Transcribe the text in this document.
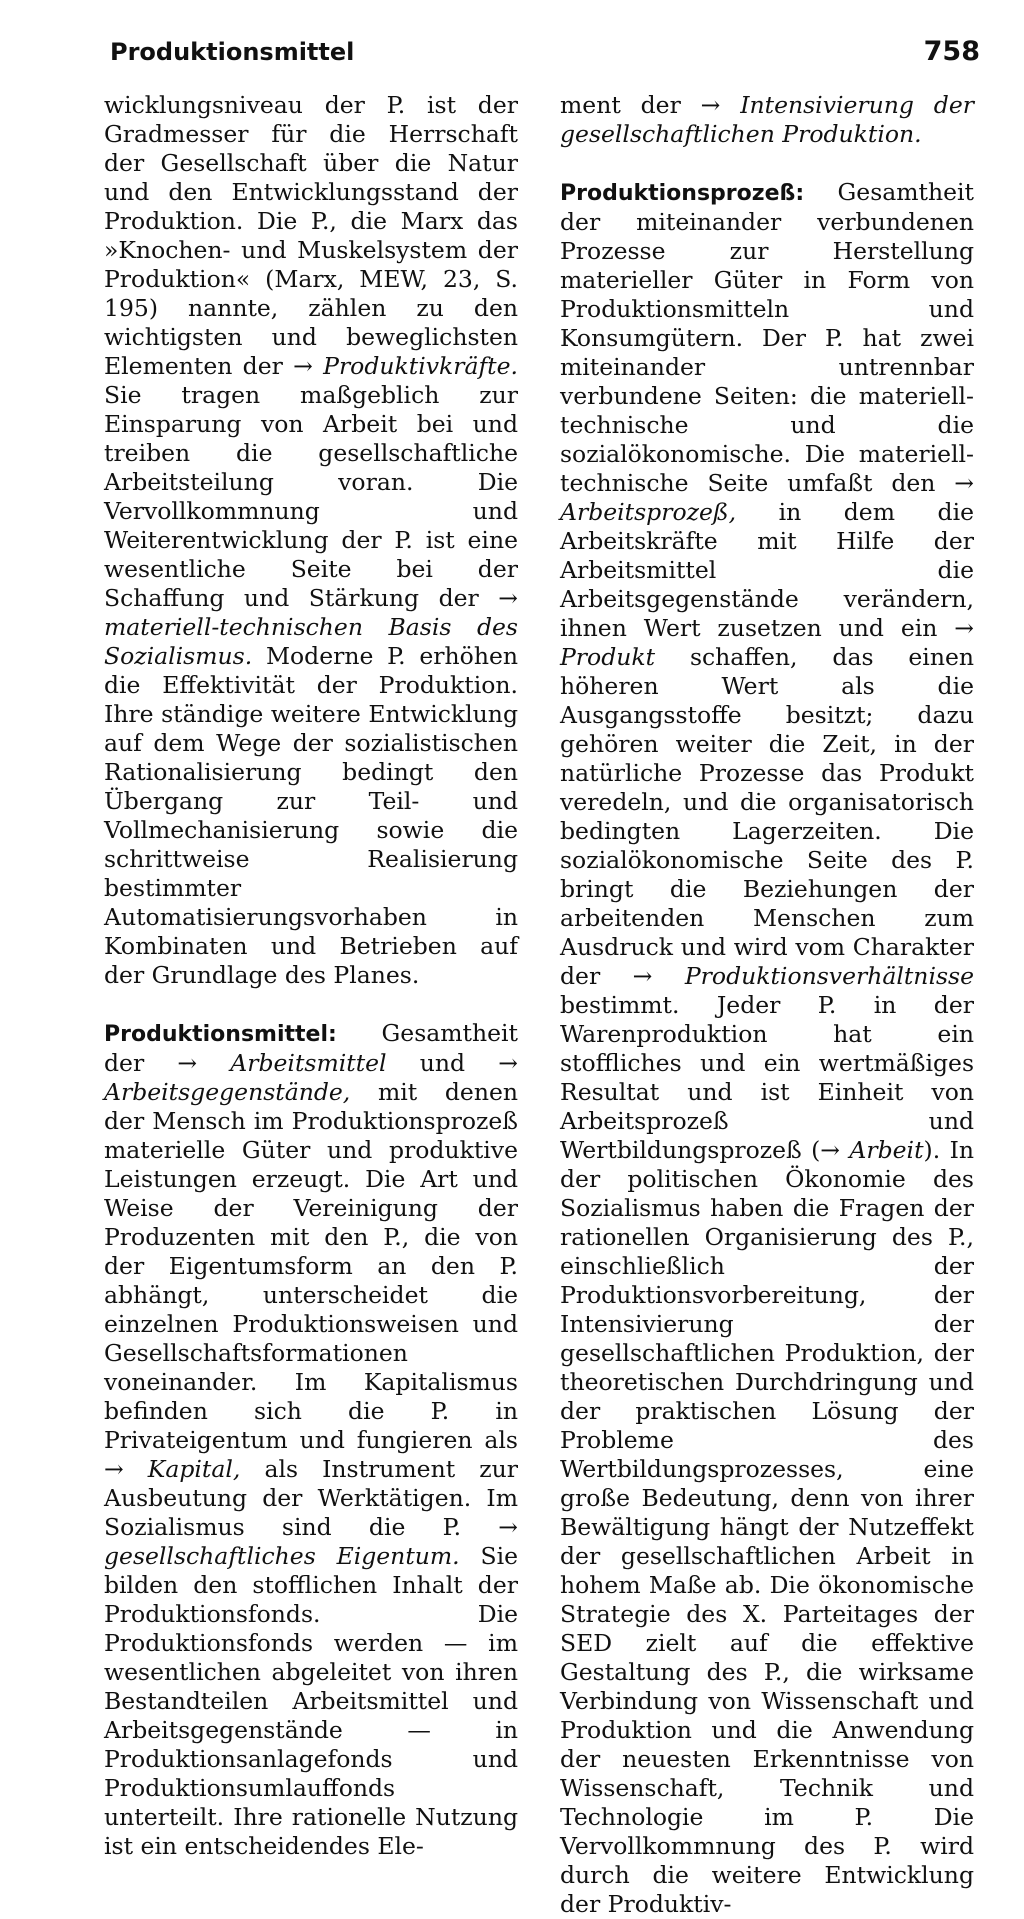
Produktionsmittel	758

wicklungsniveau der P. ist der Gradmesser für die Herrschaft der Gesellschaft über die Natur und den Entwicklungsstand der Produktion. Die P., die Marx das »Knochen- und Muskelsystem der Produktion« (Marx, MEW, 23, S. 195) nannte, zählen zu den wichtigsten und beweglichsten Elementen der → Produktivkräfte. Sie tragen maßgeblich zur Einsparung von Arbeit bei und treiben die gesellschaftliche Arbeitsteilung voran. Die Vervollkommnung und Weiterentwicklung der P. ist eine wesentliche Seite bei der Schaffung und Stärkung der → materiell-technischen Basis des Sozialismus. Moderne P. erhöhen die Effektivität der Produktion. Ihre ständige weitere Entwicklung auf dem Wege der sozialistischen Rationalisierung bedingt den Übergang zur Teil- und Vollmechanisierung sowie die schrittweise Realisierung bestimmter Automatisierungsvorhaben in Kombinaten und Betrieben auf der Grundlage des Planes.

Produktionsmittel: Gesamtheit der → Arbeitsmittel und → Arbeitsgegenstände, mit denen der Mensch im Produktionsprozeß materielle Güter und produktive Leistungen erzeugt. Die Art und Weise der Vereinigung der Produzenten mit den P., die von der Eigentumsform an den P. abhängt, unterscheidet die einzelnen Produktionsweisen und Gesellschaftsformationen voneinander. Im Kapitalismus befinden sich die P. in Privateigentum und fungieren als → Kapital, als Instrument zur Ausbeutung der Werktätigen. Im Sozialismus sind die P. → gesellschaftliches Eigentum. Sie bilden den stofflichen Inhalt der Produktionsfonds. Die Produktionsfonds werden — im wesentlichen abgeleitet von ihren Bestandteilen Arbeitsmittel und Arbeitsgegenstände — in Produktionsanlagefonds und Produktionsumlauffonds unterteilt. Ihre rationelle Nutzung ist ein entscheidendes Ele-

ment der → Intensivierung der gesellschaftlichen Produktion.

Produktionsprozeß: Gesamtheit der miteinander verbundenen Prozesse zur Herstellung materieller Güter in Form von Produktionsmitteln und Konsumgütern. Der P. hat zwei miteinander untrennbar verbundene Seiten: die materiell-technische und die sozialökonomische. Die materiell-technische Seite umfaßt den → Arbeitsprozeß, in dem die Arbeitskräfte mit Hilfe der Arbeitsmittel die Arbeitsgegenstände verändern, ihnen Wert zusetzen und ein → Produkt schaffen, das einen höheren Wert als die Ausgangsstoffe besitzt; dazu gehören weiter die Zeit, in der natürliche Prozesse das Produkt veredeln, und die organisatorisch bedingten Lagerzeiten. Die sozialökonomische Seite des P. bringt die Beziehungen der arbeitenden Menschen zum Ausdruck und wird vom Charakter der → Produktionsverhältnisse bestimmt. Jeder P. in der Warenproduktion hat ein stoffliches und ein wertmäßiges Resultat und ist Einheit von Arbeitsprozeß und Wertbildungsprozeß (→ Arbeit). In der politischen Ökonomie des Sozialismus haben die Fragen der rationellen Organisierung des P., einschließlich der Produktionsvorbereitung, der Intensivierung der gesellschaftlichen Produktion, der theoretischen Durchdringung und der praktischen Lösung der Probleme des Wertbildungsprozesses, eine große Bedeutung, denn von ihrer Bewältigung hängt der Nutzeffekt der gesellschaftlichen Arbeit in hohem Maße ab. Die ökonomische Strategie des X. Parteitages der SED zielt auf die effektive Gestaltung des P., die wirksame Verbindung von Wissenschaft und Produktion und die Anwendung der neuesten Erkenntnisse von Wissenschaft, Technik und Technologie im P. Die Vervollkommnung des P. wird durch die weitere Entwicklung der Produktiv-
